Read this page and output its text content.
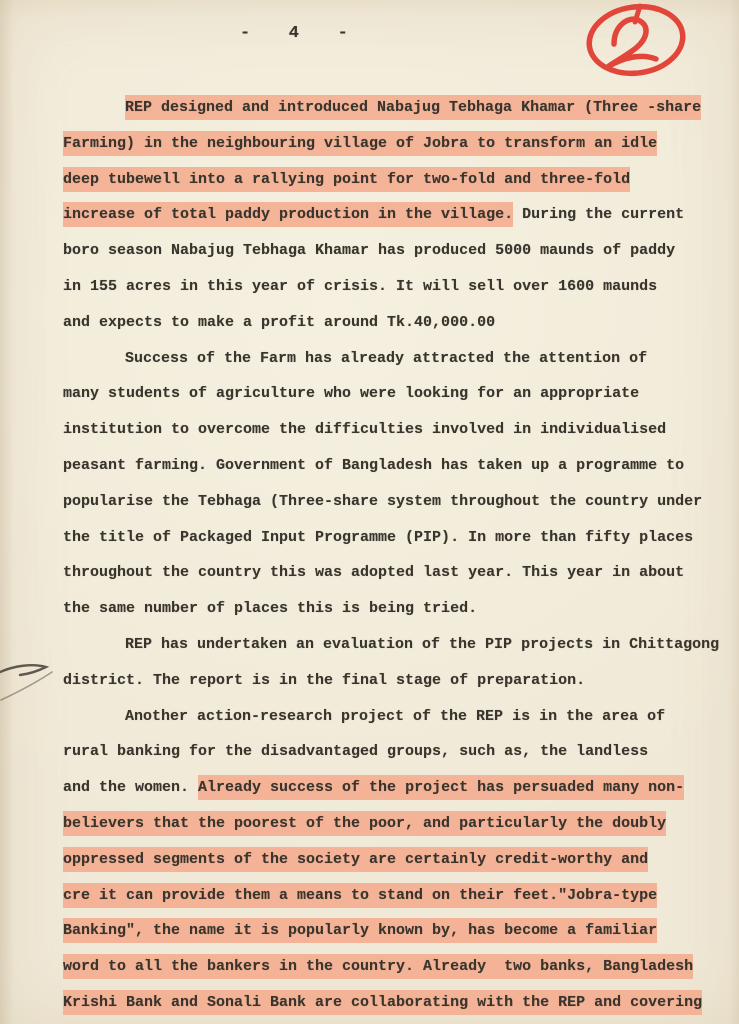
-   4   -
REP designed and introduced Nabajug Tebhaga Khamar (Three -share
Farming) in the neighbouring village of Jobra to transform an idle
deep tubewell into a rallying point for two-fold and three-fold
increase of total paddy production in the village. During the current
boro season Nabajug Tebhaga Khamar has produced 5000 maunds of paddy
in 155 acres in this year of crisis. It will sell over 1600 maunds
and expects to make a profit around Tk.40,000.00
Success of the Farm has already attracted the attention of
many students of agriculture who were looking for an appropriate
institution to overcome the difficulties involved in individualised
peasant farming. Government of Bangladesh has taken up a programme to
popularise the Tebhaga (Three-share system throughout the country under
the title of Packaged Input Programme (PIP). In more than fifty places
throughout the country this was adopted last year. This year in about
the same number of places this is being tried.
REP has undertaken an evaluation of the PIP projects in Chittagong
district. The report is in the final stage of preparation.
Another action-research project of the REP is in the area of
rural banking for the disadvantaged groups, such as, the landless
and the women. Already success of the project has persuaded many non-
believers that the poorest of the poor, and particularly the doubly
oppressed segments of the society are certainly credit-worthy and
cre it can provide them a means to stand on their feet."Jobra-type
Banking", the name it is popularly known by, has become a familiar
word to all the bankers in the country. Already  two banks, Bangladesh
Krishi Bank and Sonali Bank are collaborating with the REP and covering
